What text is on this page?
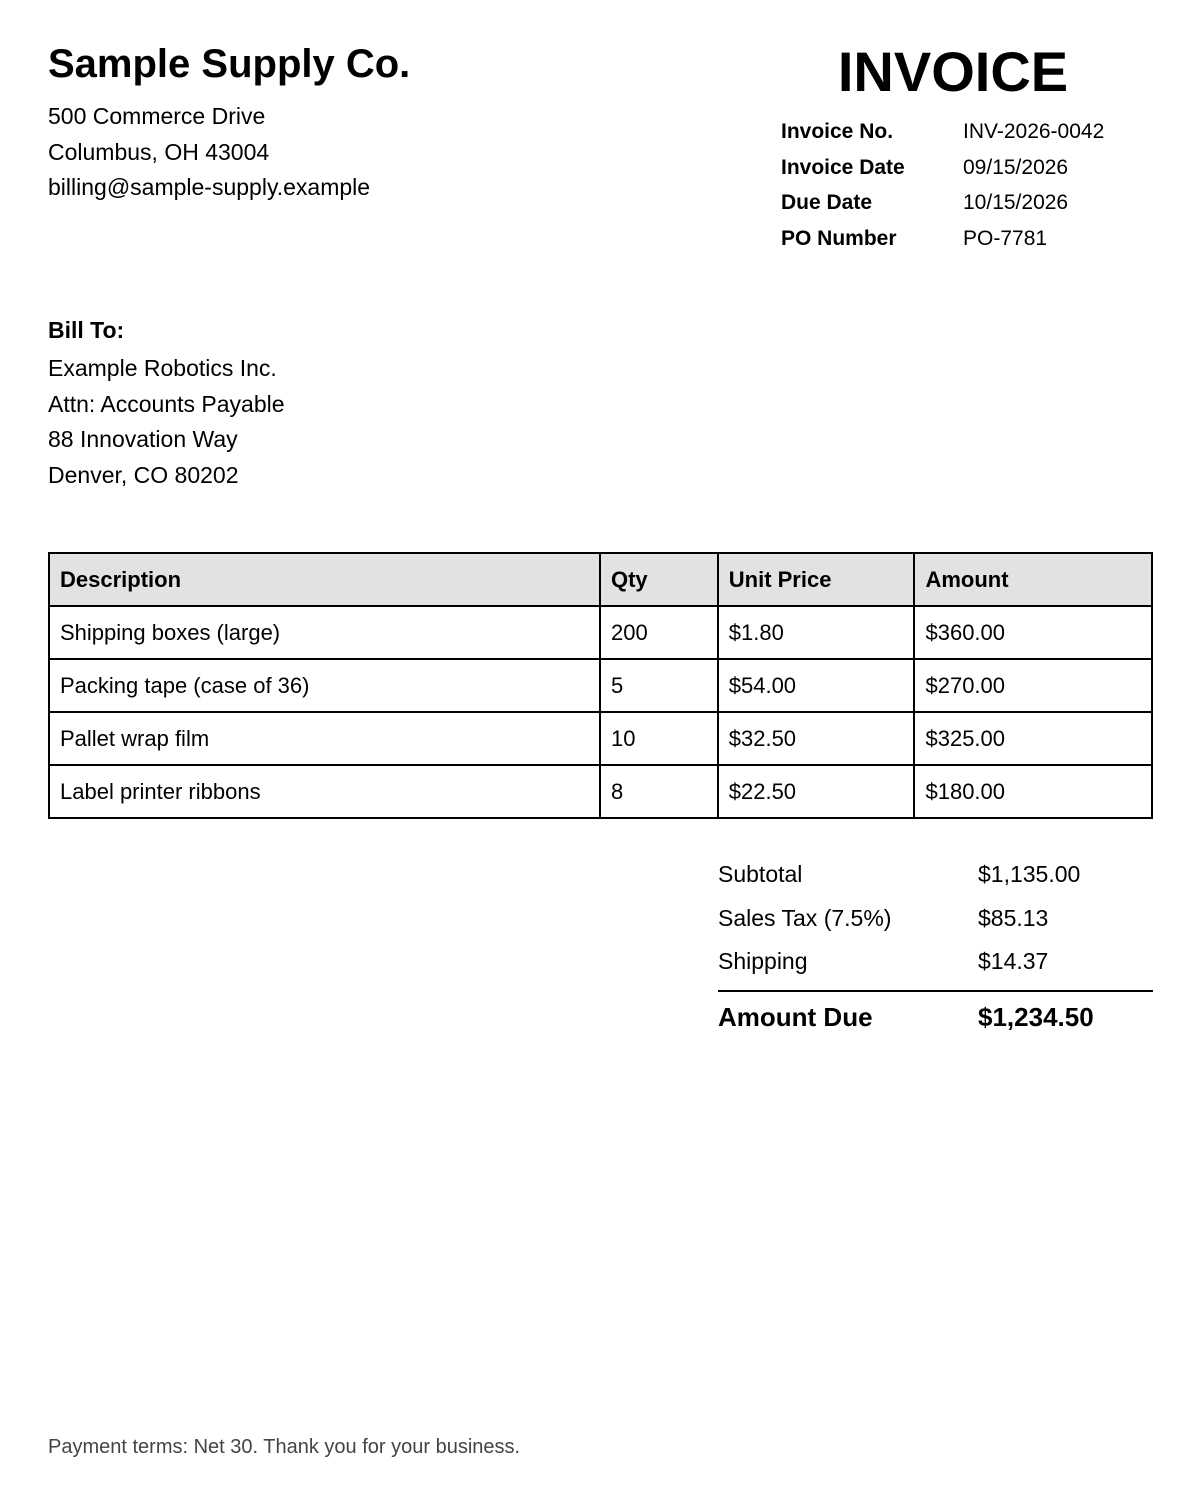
Sample Supply Co.
500 Commerce Drive
Columbus, OH 43004
billing@sample-supply.example
INVOICE
Invoice No.	INV-2026-0042
Invoice Date	09/15/2026
Due Date	10/15/2026
PO Number	PO-7781
Bill To:
Example Robotics Inc.
Attn: Accounts Payable
88 Innovation Way
Denver, CO 80202
Description	Qty	Unit Price	Amount
Shipping boxes (large)	200	$1.80	$360.00
Packing tape (case of 36)	5	$54.00	$270.00
Pallet wrap film	10	$32.50	$325.00
Label printer ribbons	8	$22.50	$180.00
Subtotal	$1,135.00
Sales Tax (7.5%)	$85.13
Shipping	$14.37
Amount Due	$1,234.50
Payment terms: Net 30. Thank you for your business.
